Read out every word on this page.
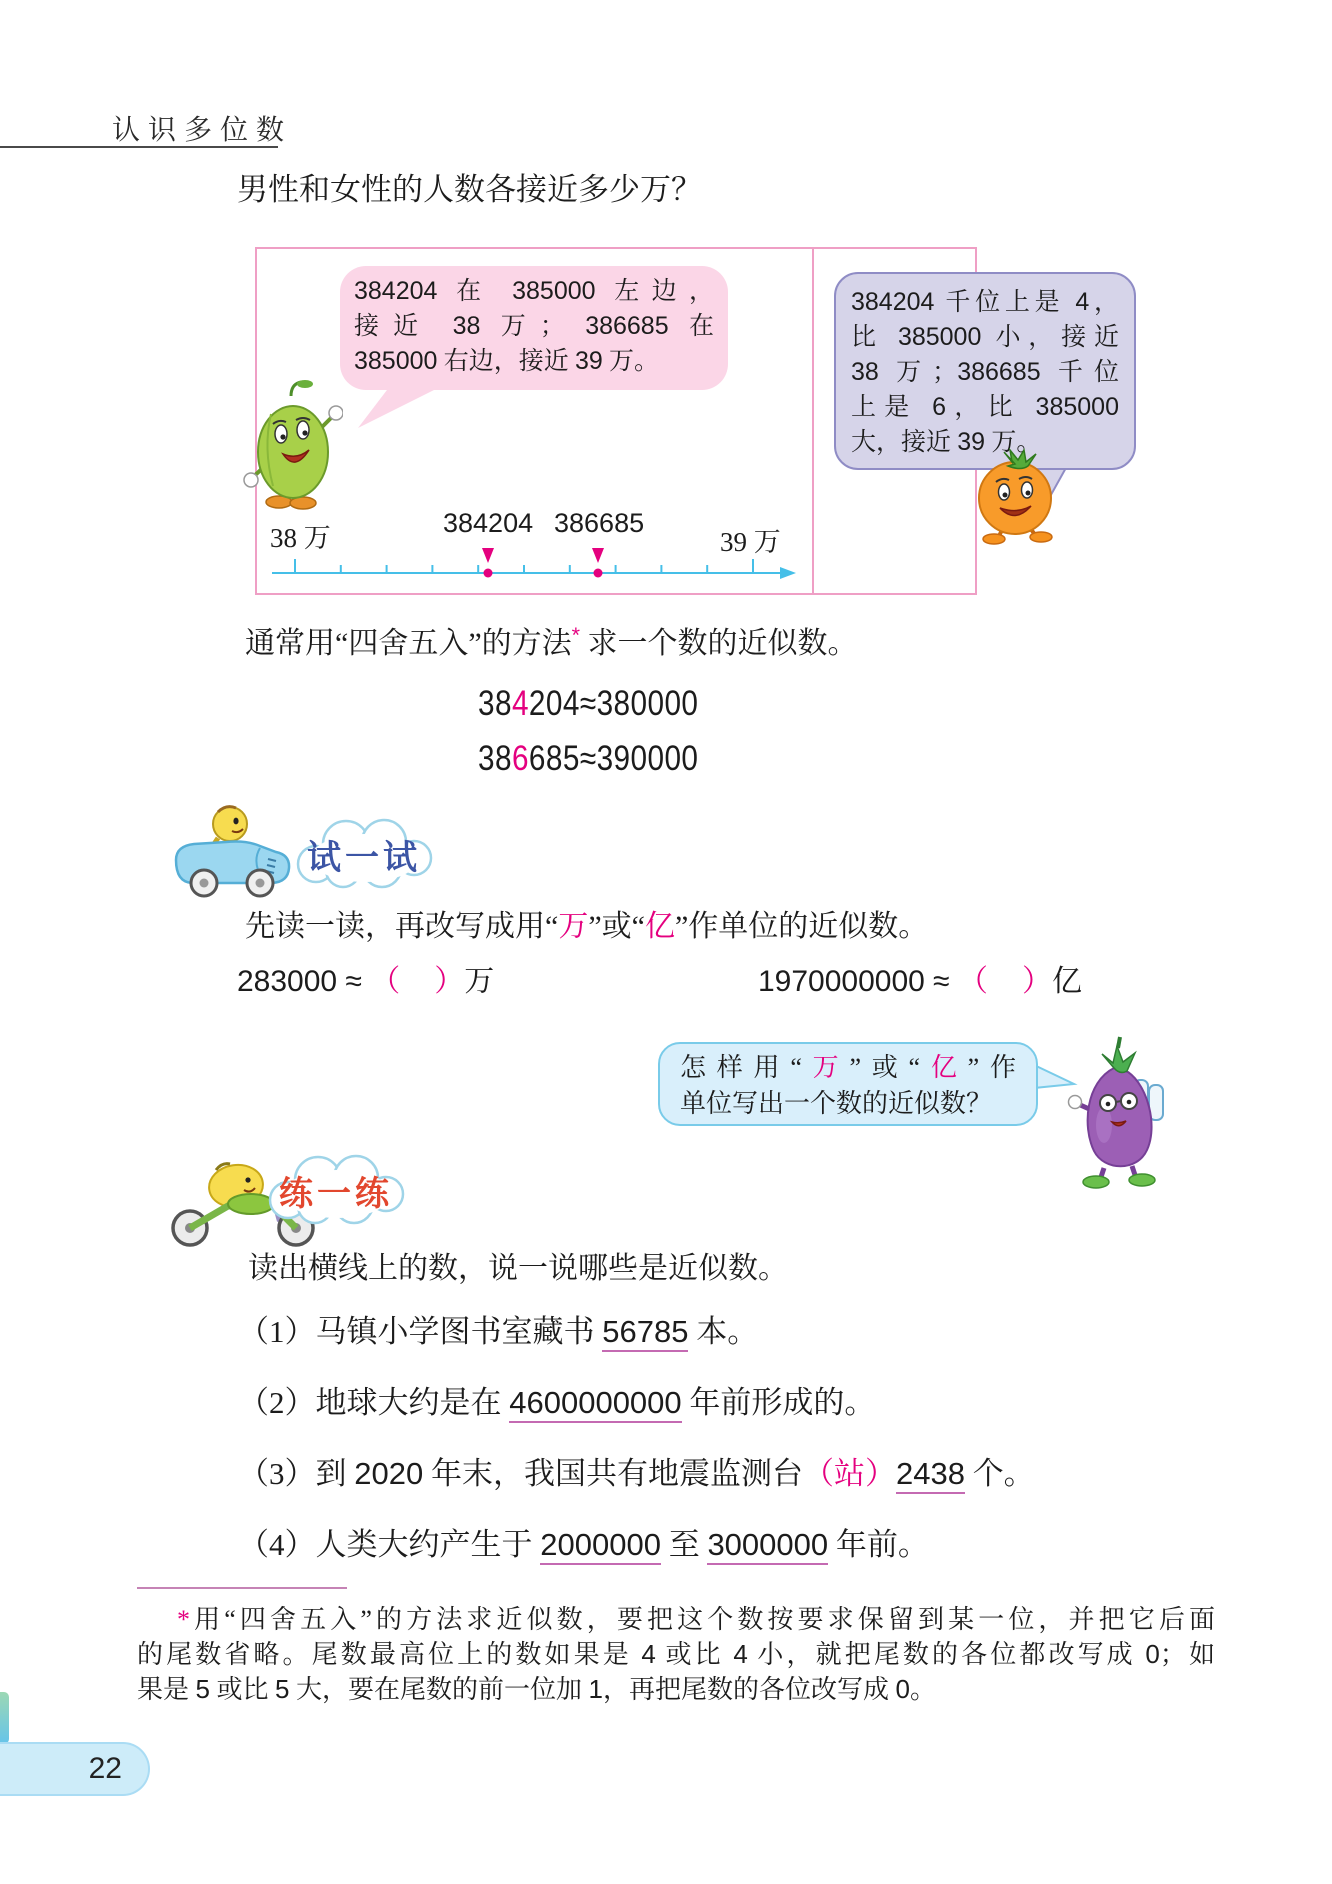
认识多位数
男性和女性的人数各接近多少万？
384204 在 385000 左边，
接近 38 万； 386685 在
385000 右边，接近 39 万。
38 万	384204 386685
39 万
384204 千位上是 4，
比 385000 小，接近
38 万；386685 千位
上是 6，比 385000
大，接近 39 万。
通常用“四舍五入”的方法* 求一个数的近似数。
384204≈380000
386685≈390000
试一试
先读一读，再改写成用“万”或“亿”作单位的近似数。
283000 ≈ （ ）万	1970000000 ≈ （ ）亿
怎样用“万”或“亿”作
单位写出一个数的近似数？
练一练
读出横线上的数，说一说哪些是近似数。
（1）马镇小学图书室藏书 56785 本。
（2）地球大约是在 4600000000 年前形成的。
（3）到 2020 年末，我国共有地震监测台（站）2438 个。
（4）人类大约产生于 2000000 至 3000000 年前。
*用“四舍五入”的方法求近似数，要把这个数按要求保留到某一位，并把它后面
的尾数省略。尾数最高位上的数如果是 4 或比 4 小，就把尾数的各位都改写成 0；如
果是 5 或比 5 大，要在尾数的前一位加 1，再把尾数的各位改写成 0。
22
